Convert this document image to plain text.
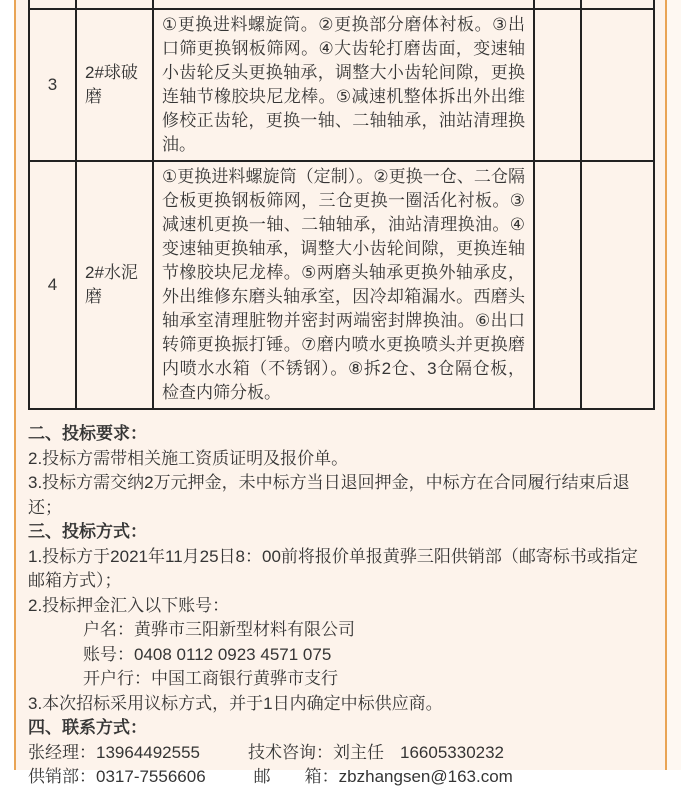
3	2#球破磨	①更换进料螺旋筒。②更换部分磨体衬板。③出口筛更换钢板筛网。④大齿轮打磨齿面，变速轴小齿轮反头更换轴承，调整大小齿轮间隙，更换连轴节橡胶块尼龙棒。⑤减速机整体拆出外出维修校正齿轮，更换一轴、二轴轴承，油站清理换油。		
4	2#水泥磨	①更换进料螺旋筒（定制）。②更换一仓、二仓隔仓板更换钢板筛网，三仓更换一圈活化衬板。③减速机更换一轴、二轴轴承，油站清理换油。④变速轴更换轴承，调整大小齿轮间隙，更换连轴节橡胶块尼龙棒。⑤两磨头轴承更换外轴承皮，外出维修东磨头轴承室，因冷却箱漏水。西磨头轴承室清理脏物并密封两端密封牌换油。⑥出口转筛更换振打锤。⑦磨内喷水更换喷头并更换磨内喷水水箱（不锈钢）。⑧拆2仓、3仓隔仓板，检查内筛分板。		
二、投标要求：
2.投标方需带相关施工资质证明及报价单。
3.投标方需交纳2万元押金，未中标方当日退回押金，中标方在合同履行结束后退还；
三、投标方式：
1.投标方于2021年11月25日8：00前将报价单报黄骅三阳供销部（邮寄标书或指定邮箱方式）；
2.投标押金汇入以下账号：
户名：黄骅市三阳新型材料有限公司
账号：0408 0112 0923 4571 075
开户行：中国工商银行黄骅市支行
3.本次招标采用议标方式，并于1日内确定中标供应商。
四、联系方式：
张经理：13964492555	技术咨询：刘主任 16605330232
供销部：0317-7556606	邮　　箱：zbzhangsen@163.com
